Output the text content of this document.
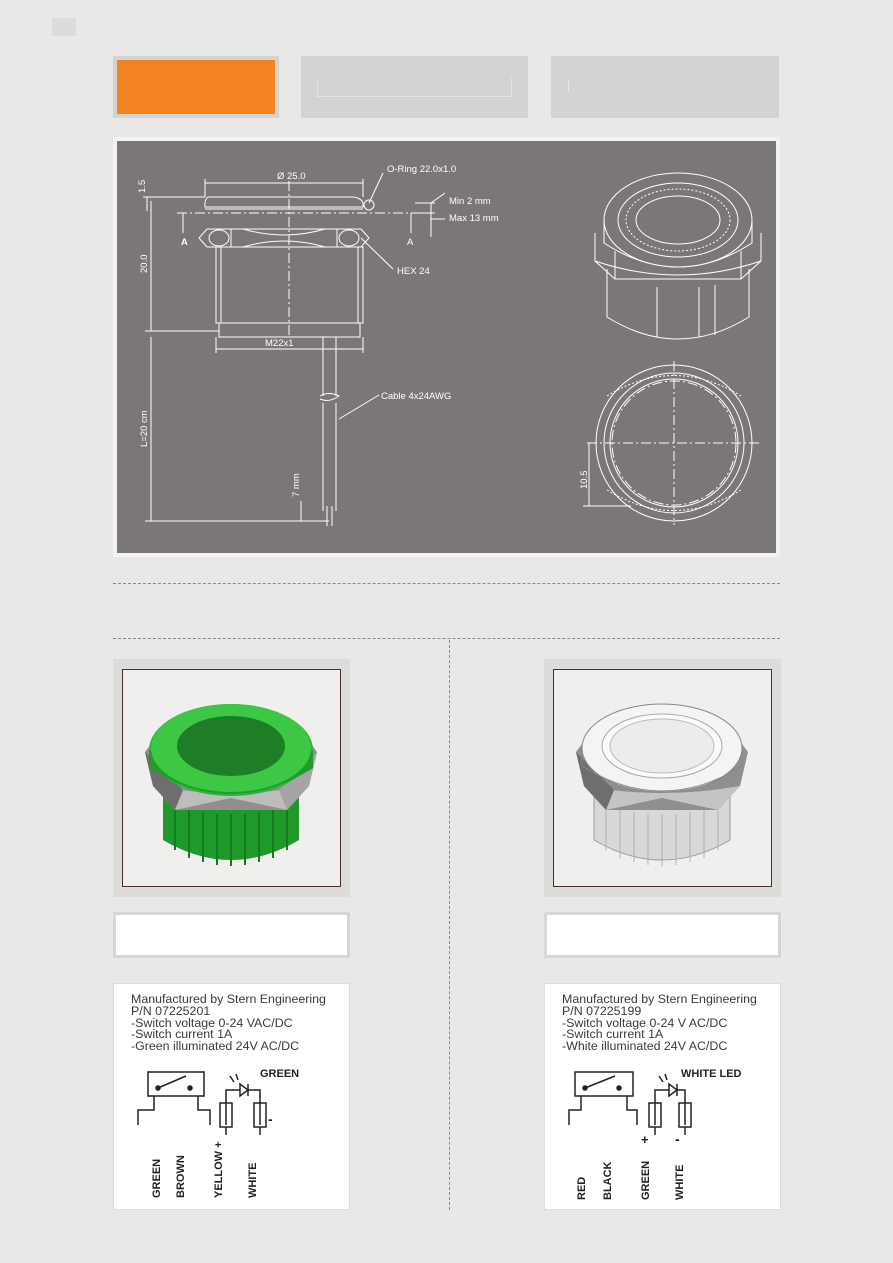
Ø 25.0
O-Ring 22.0x1.0
Min 2 mm
Max 13 mm
HEX 24
M22x1
Cable 4x24AWG
A	A
1.5
20.0
L=20 cm
7 mm	10.5
Manufactured by Stern Engineering
P/N 07225201
-Switch voltage 0-24 VAC/DC
-Switch current 1A
-Green illuminated 24V AC/DC
GREEN
-
GREEN BROWN YELLOW + WHITE
Manufactured by Stern Engineering
P/N 07225199
-Switch voltage 0-24 V AC/DC
-Switch current 1A
-White illuminated 24V AC/DC
WHITE LED
+ -
RED BLACK GREEN WHITE
